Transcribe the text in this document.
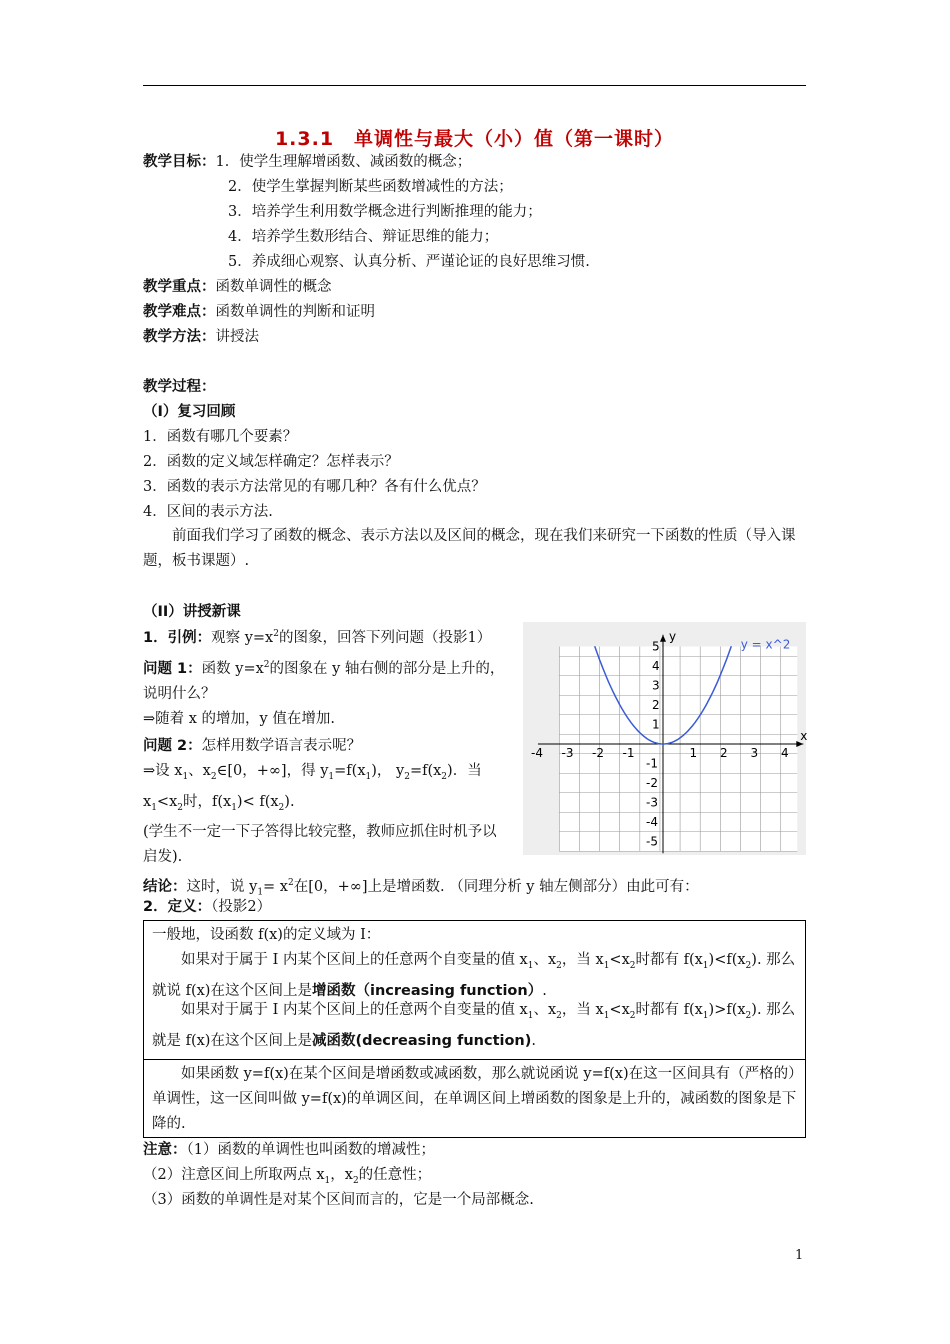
1.3.1　单调性与最大（小）值（第一课时）
教学目标：1．使学生理解增函数、减函数的概念；
2．使学生掌握判断某些函数增减性的方法；
3．培养学生利用数学概念进行判断推理的能力；
4．培养学生数形结合、辩证思维的能力；
5．养成细心观察、认真分析、严谨论证的良好思维习惯.
教学重点：函数单调性的概念
教学难点：函数单调性的判断和证明
教学方法：讲授法
教学过程：
（I）复习回顾
1．函数有哪几个要素？
2．函数的定义域怎样确定？怎样表示？
3．函数的表示方法常见的有哪几种？各有什么优点？
4．区间的表示方法.
前面我们学习了函数的概念、表示方法以及区间的概念，现在我们来研究一下函数的性质（导入课题，板书课题）.
（II）讲授新课
1．引例：观察 $y=x^2$的图象，回答下列问题（投影1）
问题 1：函数 $y=x^2$的图象在 y 轴右侧的部分是上升的，说明什么？
⇒随着 x 的增加，y 值在增加.
问题 2：怎样用数学语言表示呢？
⇒设 $x_1$、$x_2\in[0$，+∞]，得 $y_1=f(x_1)$， $y_2=f(x_2)$．当 $x_1<x_2$时，$f(x_1)< f(x_2)$.
(学生不一定一下子答得比较完整，教师应抓住时机予以启发).
x
y
-4 -3 -2 -1	1 2 3 4
5
4
3
2
1
-1
-2
-3
-4
-5
y = x^2
结论：这时，说 $y_1= x^2$在[0，+∞]上是增函数. （同理分析 y 轴左侧部分）由此可有：
2．定义：（投影2）
一般地，设函数 f(x)的定义域为 I：
如果对于属于 I 内某个区间上的任意两个自变量的值 $x_1$、$x_2$，当 $x_1<x_2$时都有 $f(x_1)<f(x_2)$. 那么就说 f(x)在这个区间上是增函数（increasing function）.
如果对于属于 I 内某个区间上的任意两个自变量的值 $x_1$、$x_2$，当 $x_1<x_2$时都有 $f(x_1)>f(x_2)$. 那么就是 f(x)在这个区间上是减函数(decreasing function).
如果函数 y=f(x)在某个区间是增函数或减函数，那么就说函说 y=f(x)在这一区间具有（严格的）单调性，这一区间叫做 y=f(x)的单调区间，在单调区间上增函数的图象是上升的，减函数的图象是下降的.
注意：（1）函数的单调性也叫函数的增减性；
（2）注意区间上所取两点 $x_1$，$x_2$的任意性；
（3）函数的单调性是对某个区间而言的，它是一个局部概念.
1
